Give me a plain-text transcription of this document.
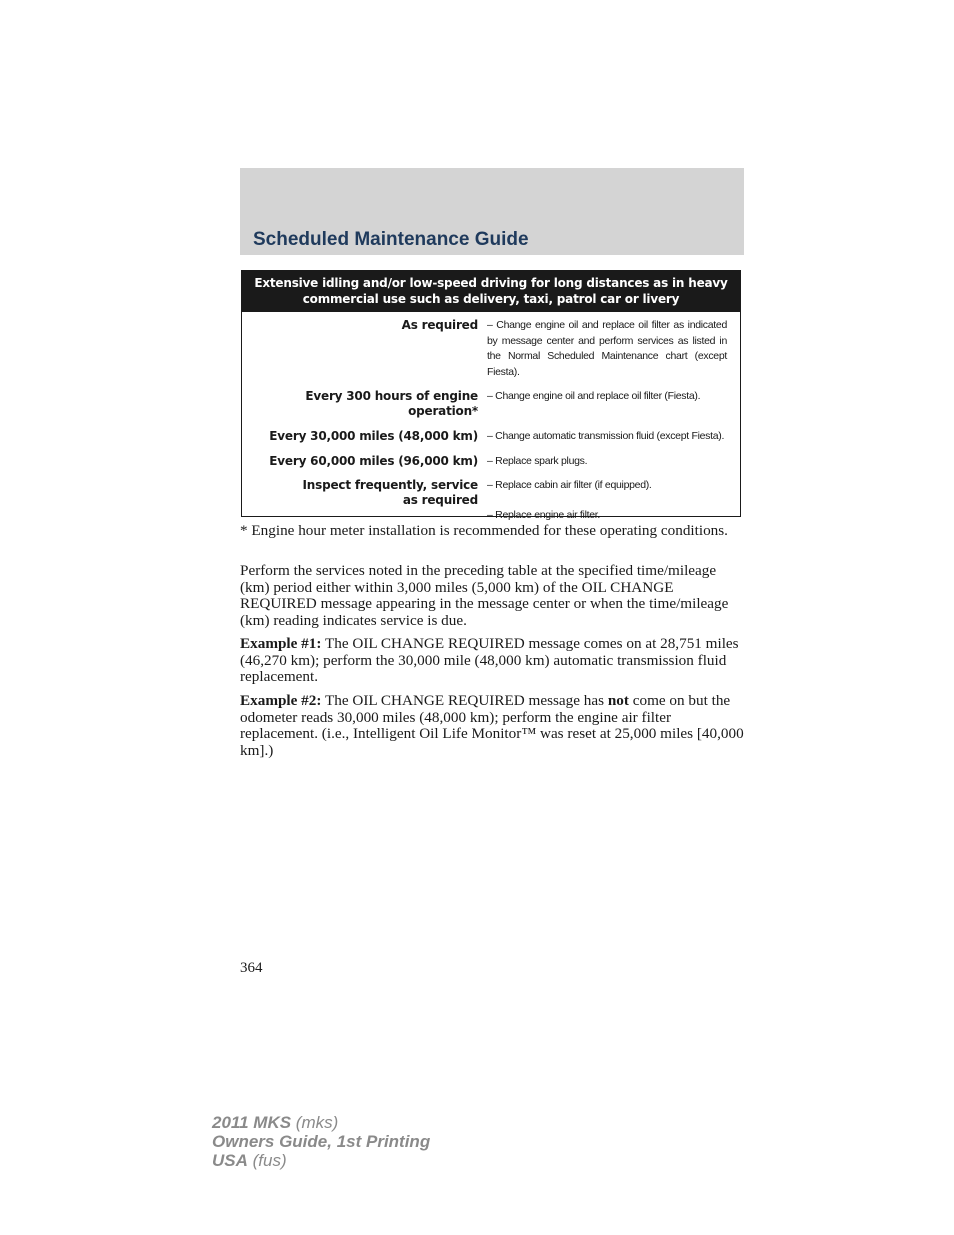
Scheduled Maintenance Guide
Extensive idling and/or low-speed driving for long distances as in heavy
commercial use such as delivery, taxi, patrol car or livery
As required – Change engine oil and replace oil filter as indicated by message center and perform services as listed in the Normal Scheduled Maintenance chart (except Fiesta).
Every 300 hours of engine operation*
– Change engine oil and replace oil filter (Fiesta).
Every 30,000 miles (48,000 km) – Change automatic transmission fluid (except Fiesta).
Every 60,000 miles (96,000 km) – Replace spark plugs.
Inspect frequently, service as required
– Replace cabin air filter (if equipped).
– Replace engine air filter.

* Engine hour meter installation is recommended for these operating conditions.

Perform the services noted in the preceding table at the specified time/mileage (km) period either within 3,000 miles (5,000 km) of the OIL CHANGE REQUIRED message appearing in the message center or when the time/mileage (km) reading indicates service is due.

Example #1: The OIL CHANGE REQUIRED message comes on at 28,751 miles (46,270 km); perform the 30,000 mile (48,000 km) automatic transmission fluid replacement.

Example #2: The OIL CHANGE REQUIRED message has not come on but the odometer reads 30,000 miles (48,000 km); perform the engine air filter replacement. (i.e., Intelligent Oil Life Monitor™ was reset at 25,000 miles [40,000 km].)

364
2011 MKS (mks)
Owners Guide, 1st Printing
USA (fus)
